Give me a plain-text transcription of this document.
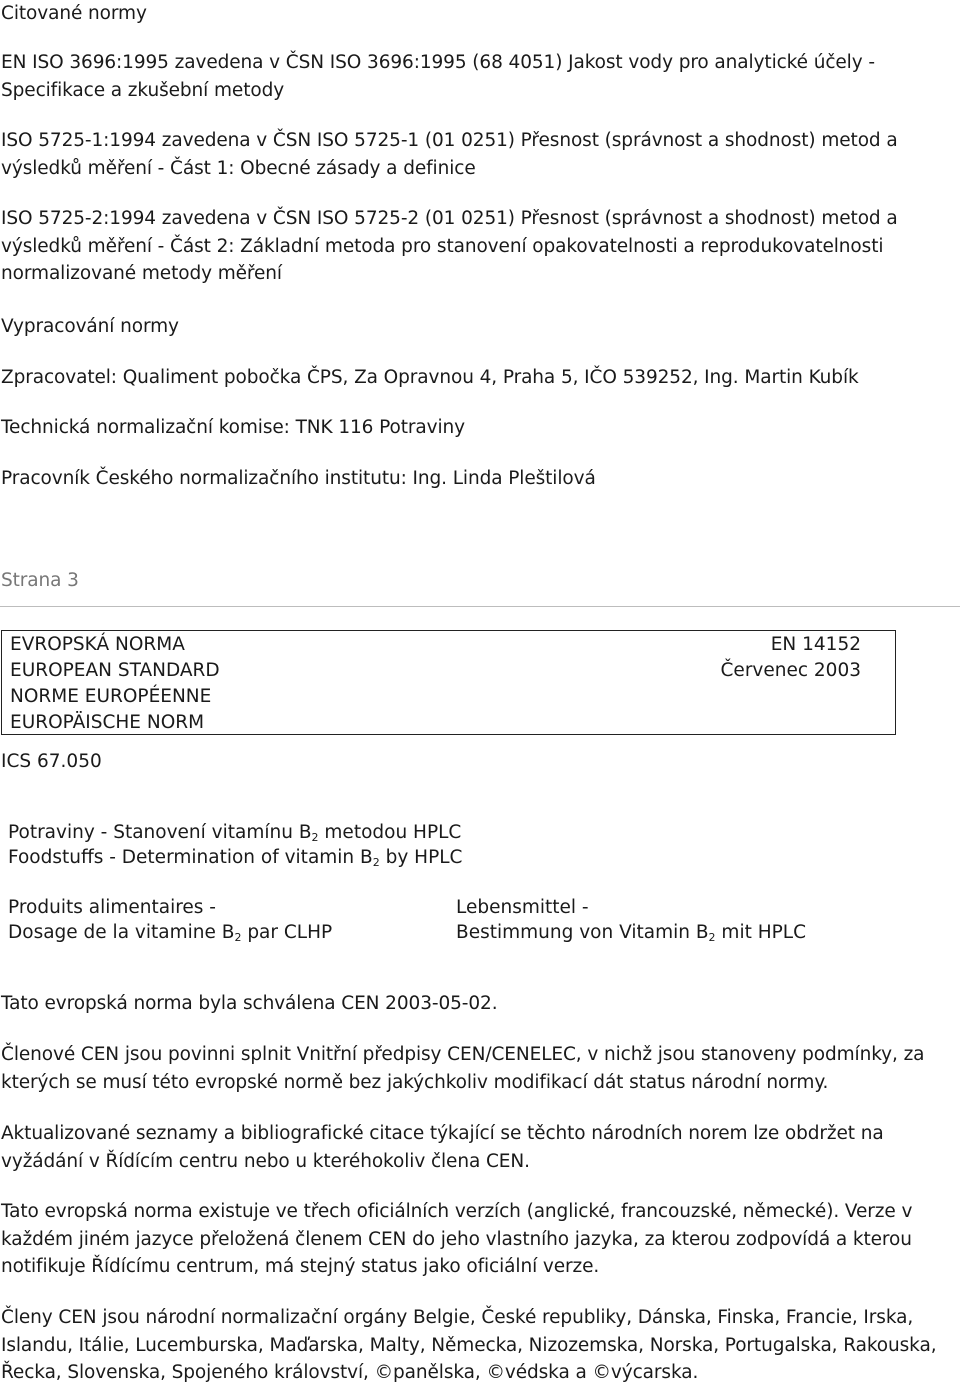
Citované normy

EN ISO 3696:1995 zavedena v ČSN ISO 3696:1995 (68 4051) Jakost vody pro analytické účely -

Specifikace a zkušební metody

ISO 5725-1:1994 zavedena v ČSN ISO 5725-1 (01 0251) Přesnost (správnost a shodnost) metod a

výsledků měření - Část 1: Obecné zásady a definice

ISO 5725-2:1994 zavedena v ČSN ISO 5725-2 (01 0251) Přesnost (správnost a shodnost) metod a

výsledků měření - Část 2: Základní metoda pro stanovení opakovatelnosti a reprodukovatelnosti

normalizované metody měření

Vypracování normy
Zpracovatel: Qualiment pobočka ČPS, Za Opravnou 4, Praha 5, IČO 539252, Ing. Martin Kubík
Technická normalizační komise: TNK 116 Potraviny
Pracovník Českého normalizačního institutu: Ing. Linda Pleštilová
Strana 3
EVROPSKÁ NORMA
EUROPEAN STANDARD
NORME EUROPÉENNE
EUROPÄISCHE NORM
EN 14152
Červenec 2003
ICS 67.050
Potraviny - Stanovení vitamínu $B_2$ metodou HPLC
Foodstuffs - Determination of vitamin $B_2$ by HPLC
Produits alimentaires -
Dosage de la vitamine $B_2$ par CLHP
Lebensmittel -
Bestimmung von Vitamin $B_2$ mit HPLC

Tato evropská norma byla schválena CEN 2003-05-02.

Členové CEN jsou povinni splnit Vnitřní předpisy CEN/CENELEC, v nichž jsou stanoveny podmínky, za

kterých se musí této evropské normě bez jakýchkoliv modifikací dát status národní normy.

Aktualizované seznamy a bibliografické citace týkající se těchto národních norem lze obdržet na

vyžádání v Řídícím centru nebo u kteréhokoliv člena CEN.

Tato evropská norma existuje ve třech oficiálních verzích (anglické, francouzské, německé). Verze v

každém jiném jazyce přeložená členem CEN do jeho vlastního jazyka, za kterou zodpovídá a kterou

notifikuje Řídícímu centrum, má stejný status jako oficiální verze.

Členy CEN jsou národní normalizační orgány Belgie, České republiky, Dánska, Finska, Francie, Irska,

Islandu, Itálie, Lucemburska, Maďarska, Malty, Německa, Nizozemska, Norska, Portugalska, Rakouska,

Řecka, Slovenska, Spojeného království, ©panělska, ©védska a ©výcarska.
